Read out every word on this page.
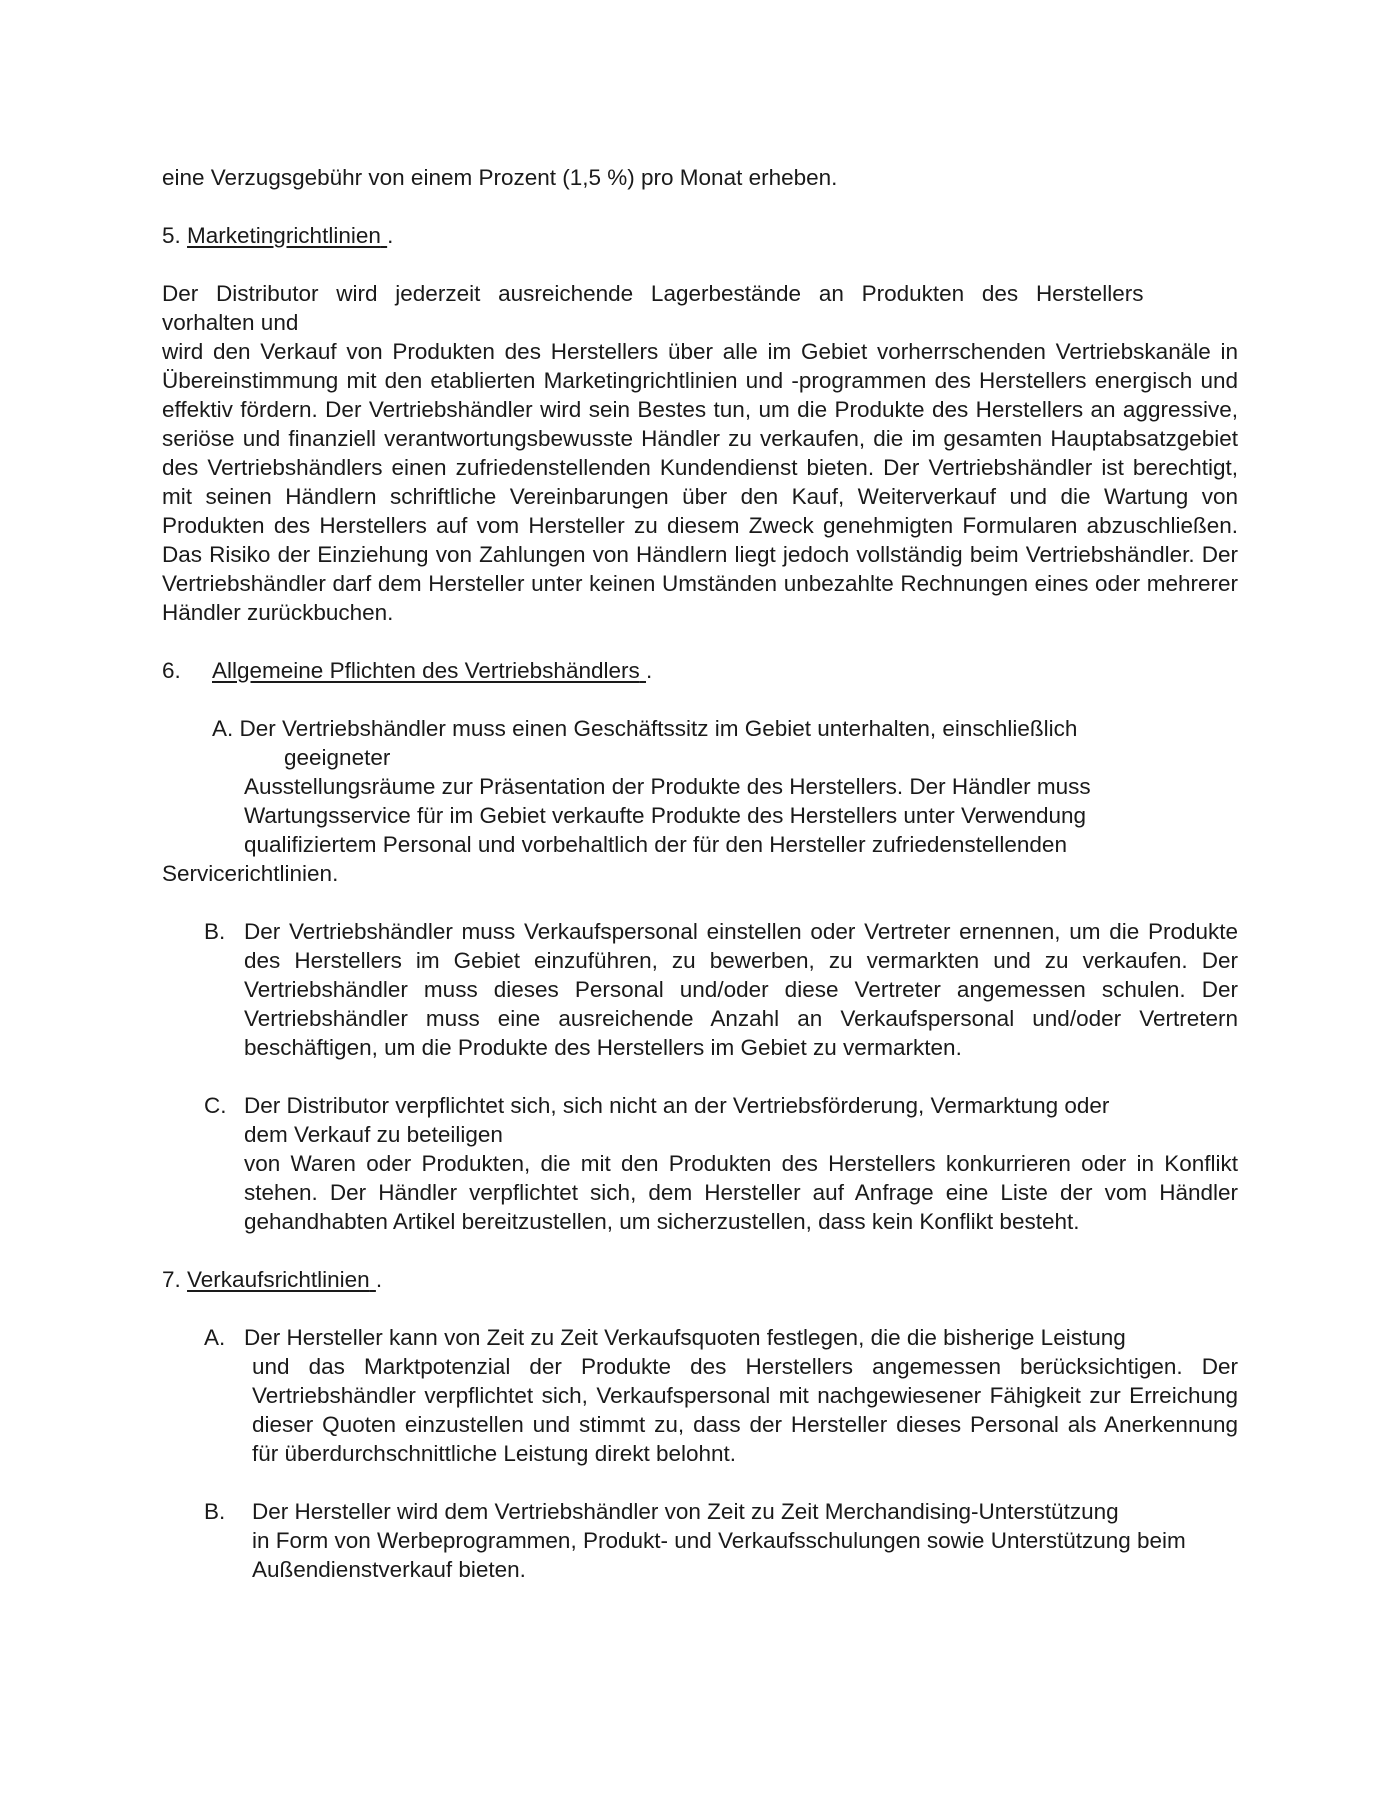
eine Verzugsgebühr von einem Prozent (1,5 %) pro Monat erheben.
5. Marketingrichtlinien .
Der Distributor wird jederzeit ausreichende Lagerbestände an Produkten des Herstellers
vorhalten und
wird den Verkauf von Produkten des Herstellers über alle im Gebiet vorherrschenden Vertriebskanäle in Übereinstimmung mit den etablierten Marketingrichtlinien und -programmen des Herstellers energisch und effektiv fördern. Der Vertriebshändler wird sein Bestes tun, um die Produkte des Herstellers an aggressive, seriöse und finanziell verantwortungsbewusste Händler zu verkaufen, die im gesamten Hauptabsatzgebiet des Vertriebshändlers einen zufriedenstellenden Kundendienst bieten. Der Vertriebshändler ist berechtigt, mit seinen Händlern schriftliche Vereinbarungen über den Kauf, Weiterverkauf und die Wartung von Produkten des Herstellers auf vom Hersteller zu diesem Zweck genehmigten Formularen abzuschließen. Das Risiko der Einziehung von Zahlungen von Händlern liegt jedoch vollständig beim Vertriebshändler. Der Vertriebshändler darf dem Hersteller unter keinen Umständen unbezahlte Rechnungen eines oder mehrerer Händler zurückbuchen.
6. Allgemeine Pflichten des Vertriebshändlers .
A. Der Vertriebshändler muss einen Geschäftssitz im Gebiet unterhalten, einschließlich
geeigneter
Ausstellungsräume zur Präsentation der Produkte des Herstellers. Der Händler muss
Wartungsservice für im Gebiet verkaufte Produkte des Herstellers unter Verwendung
qualifiziertem Personal und vorbehaltlich der für den Hersteller zufriedenstellenden
Servicerichtlinien.
B. Der Vertriebshändler muss Verkaufspersonal einstellen oder Vertreter ernennen, um die Produkte des Herstellers im Gebiet einzuführen, zu bewerben, zu vermarkten und zu verkaufen. Der Vertriebshändler muss dieses Personal und/oder diese Vertreter angemessen schulen. Der Vertriebshändler muss eine ausreichende Anzahl an Verkaufspersonal und/oder Vertretern beschäftigen, um die Produkte des Herstellers im Gebiet zu vermarkten.
C. Der Distributor verpflichtet sich, sich nicht an der Vertriebsförderung, Vermarktung oder
dem Verkauf zu beteiligen
von Waren oder Produkten, die mit den Produkten des Herstellers konkurrieren oder in Konflikt stehen. Der Händler verpflichtet sich, dem Hersteller auf Anfrage eine Liste der vom Händler gehandhabten Artikel bereitzustellen, um sicherzustellen, dass kein Konflikt besteht.
7. Verkaufsrichtlinien .
A. Der Hersteller kann von Zeit zu Zeit Verkaufsquoten festlegen, die die bisherige Leistung
und das Marktpotenzial der Produkte des Herstellers angemessen berücksichtigen. Der Vertriebshändler verpflichtet sich, Verkaufspersonal mit nachgewiesener Fähigkeit zur Erreichung dieser Quoten einzustellen und stimmt zu, dass der Hersteller dieses Personal als Anerkennung für überdurchschnittliche Leistung direkt belohnt.
B.	Der Hersteller wird dem Vertriebshändler von Zeit zu Zeit Merchandising-Unterstützung
in Form von Werbeprogrammen, Produkt- und Verkaufsschulungen sowie Unterstützung beim Außendienstverkauf bieten.
